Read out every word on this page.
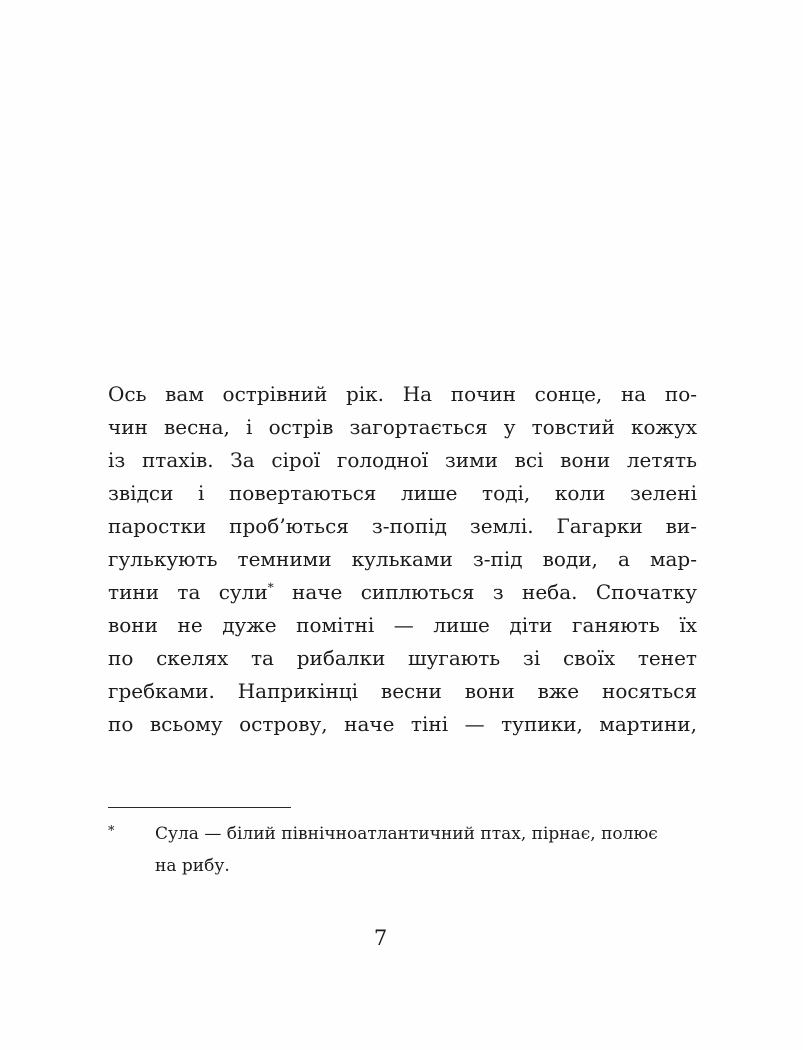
Ось вам острівний рік. На почин сонце, на по-
чин весна, і острів загортається у товстий кожух
із птахів. За сірої голодної зими всі вони летять
звідси і повертаються лише тоді, коли зелені
паростки проб’ються з-попід землі. Гагарки ви-
гулькують темними кульками з-під води, а мар-
тини та сули* наче сиплються з неба. Спочатку
вони не дуже помітні — лише діти ганяють їх
по скелях та рибалки шугають зі своїх тенет
гребками. Наприкінці весни вони вже носяться
по всьому острову, наче тіні — тупики, мартини,
* Сула — білий північноатлантичний птах, пірнає, полює
на рибу.
7
